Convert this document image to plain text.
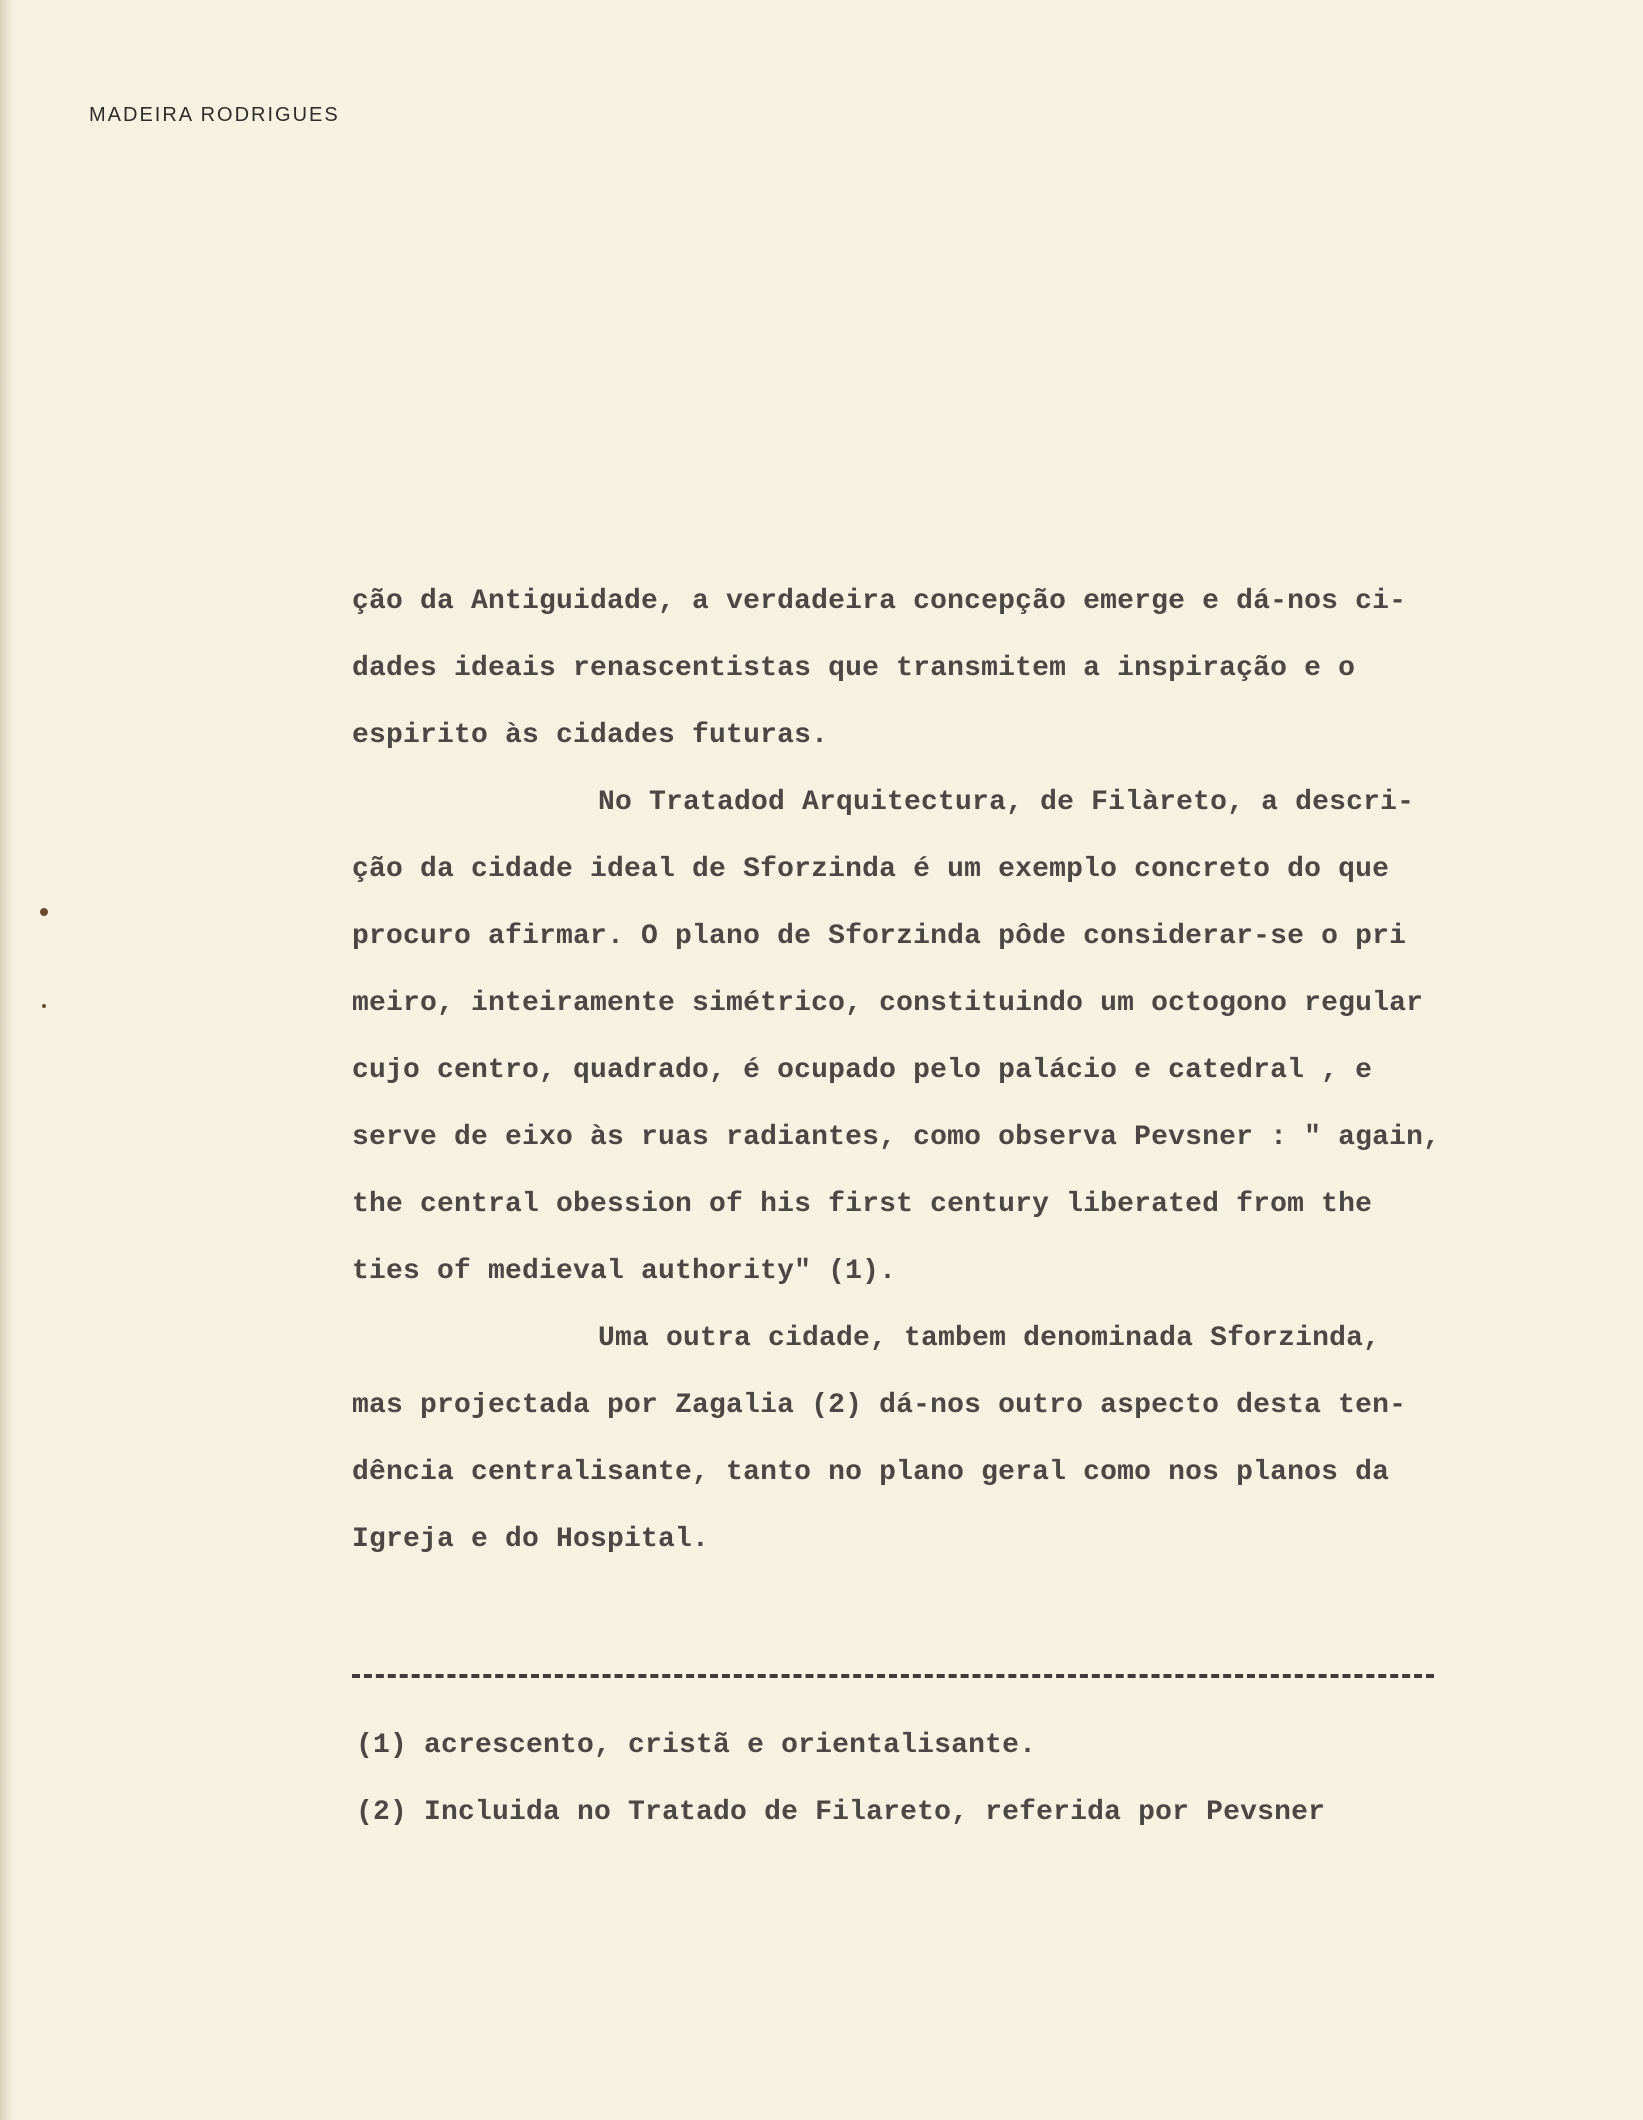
MADEIRA RODRIGUES
ção da Antiguidade, a verdadeira concepção emerge e dá-nos ci-
dades ideais renascentistas que transmitem a inspiração e o
espirito às cidades futuras.
No Tratadod Arquitectura, de Filàreto, a descri-
ção da cidade ideal de Sforzinda é um exemplo concreto do que
procuro afirmar. O plano de Sforzinda pôde considerar-se o pri
meiro, inteiramente simétrico, constituindo um octogono regular
cujo centro, quadrado, é ocupado pelo palácio e catedral , e
serve de eixo às ruas radiantes, como observa Pevsner : " again,
the central obession of his first century liberated from the
ties of medieval authority" (1).
Uma outra cidade, tambem denominada Sforzinda,
mas projectada por Zagalia (2) dá-nos outro aspecto desta ten-
dência centralisante, tanto no plano geral como nos planos da
Igreja e do Hospital.
(1) acrescento, cristã e orientalisante.
(2) Incluida no Tratado de Filareto, referida por Pevsner
